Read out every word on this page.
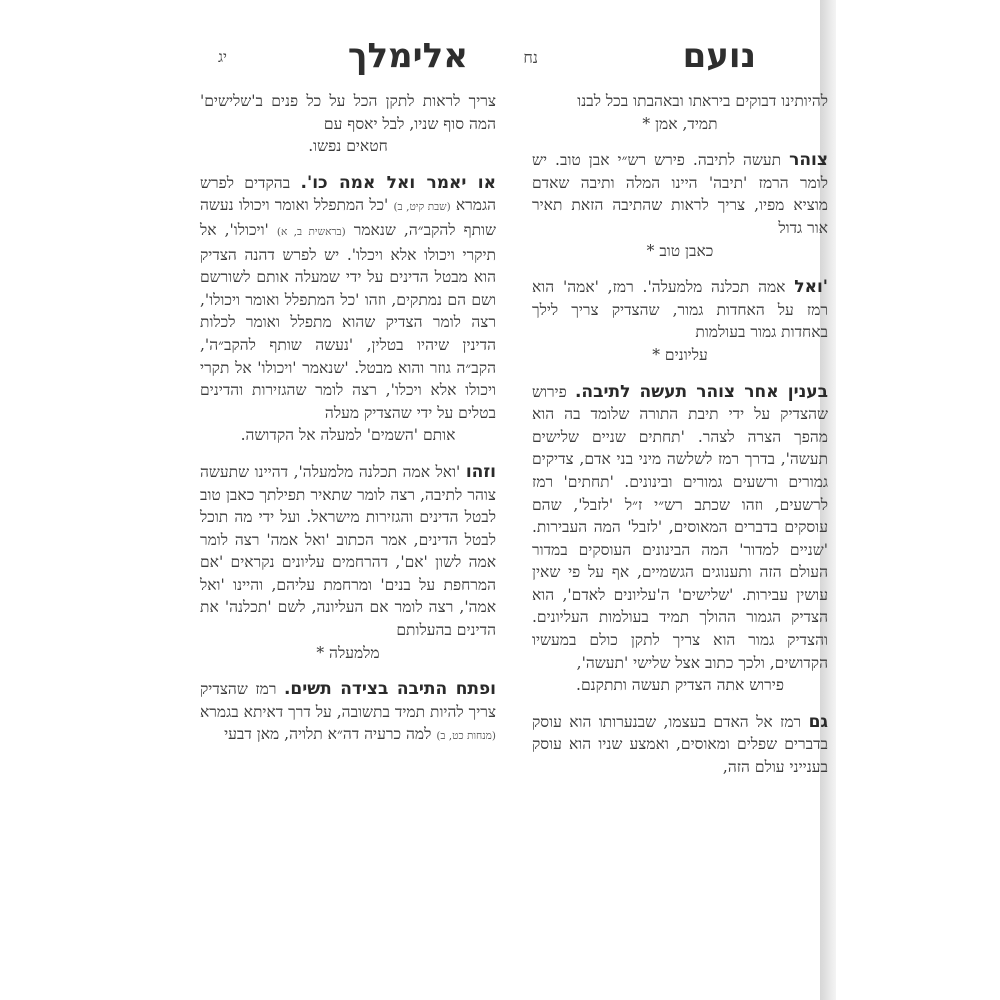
נועם
נח
אלימלך
יג

להיותינו דבוקים ביראתו ובאהבתו בכל לבנו
תמיד, אמן *

צוהר תעשה לתיבה. פירש רש״י אבן טוב. יש לומר הרמז 'תיבה' היינו המלה ותיבה שאדם מוציא מפיו, צריך לראות שהתיבה הזאת תאיר אור גדול
כאבן טוב *

'ואל אמה תכלנה מלמעלה'. רמז, 'אמה' הוא רמז על האחדות גמור, שהצדיק צריך לילך באחדות גמור בעולמות
עליונים *

בענין אחר צוהר תעשה לתיבה. פירוש שהצדיק על ידי תיבת התורה שלומד בה הוא מהפך הצרה לצהר. 'תחתים שניים שלישים תעשה', בדרך רמז לשלשה מיני בני אדם, צדיקים גמורים ורשעים גמורים ובינונים. 'תחתים' רמז לרשעים, וזהו שכתב רש״י ז״ל 'לזבל', שהם עוסקים בדברים המאוסים, 'לזבל' המה העבירות. 'שניים למדור' המה הבינונים העוסקים במדור העולם הזה ותענוגים הגשמיים, אף על פי שאין עושין עבירות. 'שלישים' ה'עליונים לאדם', הוא הצדיק הגמור ההולך תמיד בעולמות העליונים. והצדיק גמור הוא צריך לתקן כולם במעשיו הקדושים, ולכך כתוב אצל שלישי 'תעשה',
פירוש אתה הצדיק תעשה ותתקנם.

גם רמז אל האדם בעצמו, שבנערותו הוא עוסק בדברים שפלים ומאוסים, ואמצע שניו הוא עוסק בענייני עולם הזה,

צריך לראות לתקן הכל על כל פנים ב'שלישים' המה סוף שניו, לבל יאסף עם
חטאים נפשו.

או יאמר ואל אמה כו'. בהקדים לפרש הגמרא (שבת קיט, ב) 'כל המתפלל ואומר ויכולו נעשה שותף להקב״ה, שנאמר (בראשית ב, א) 'ויכולו', אל תיקרי ויכולו אלא ויכלו'. יש לפרש דהנה הצדיק הוא מבטל הדינים על ידי שמעלה אותם לשורשם ושם הם נמתקים, וזהו 'כל המתפלל ואומר ויכולו', רצה לומר הצדיק שהוא מתפלל ואומר לכלות הדינין שיהיו בטלין, 'נעשה שותף להקב״ה', הקב״ה גוזר והוא מבטל. 'שנאמר 'ויכולו' אל תקרי ויכולו אלא ויכלו', רצה לומר שהגזירות והדינים בטלים על ידי שהצדיק מעלה
אותם 'השמים' למעלה אל הקדושה.

וזהו 'ואל אמה תכלנה מלמעלה', דהיינו שתעשה צוהר לתיבה, רצה לומר שתאיר תפילתך כאבן טוב לבטל הדינים והגזירות מישראל. ועל ידי מה תוכל לבטל הדינים, אמר הכתוב 'ואל אמה' רצה לומר אמה לשון 'אם', דהרחמים עליונים נקראים 'אם המרחפת על בנים' ומרחמת עליהם, והיינו 'ואל אמה', רצה לומר אם העליונה, לשם 'תכלנה' את הדינים בהעלותם
מלמעלה *

ופתח התיבה בצידה תשים. רמז שהצדיק צריך להיות תמיד בתשובה, על דרך דאיתא בגמרא (מנחות כט, ב) למה כרעיה דה״א תלויה, מאן דבעי
